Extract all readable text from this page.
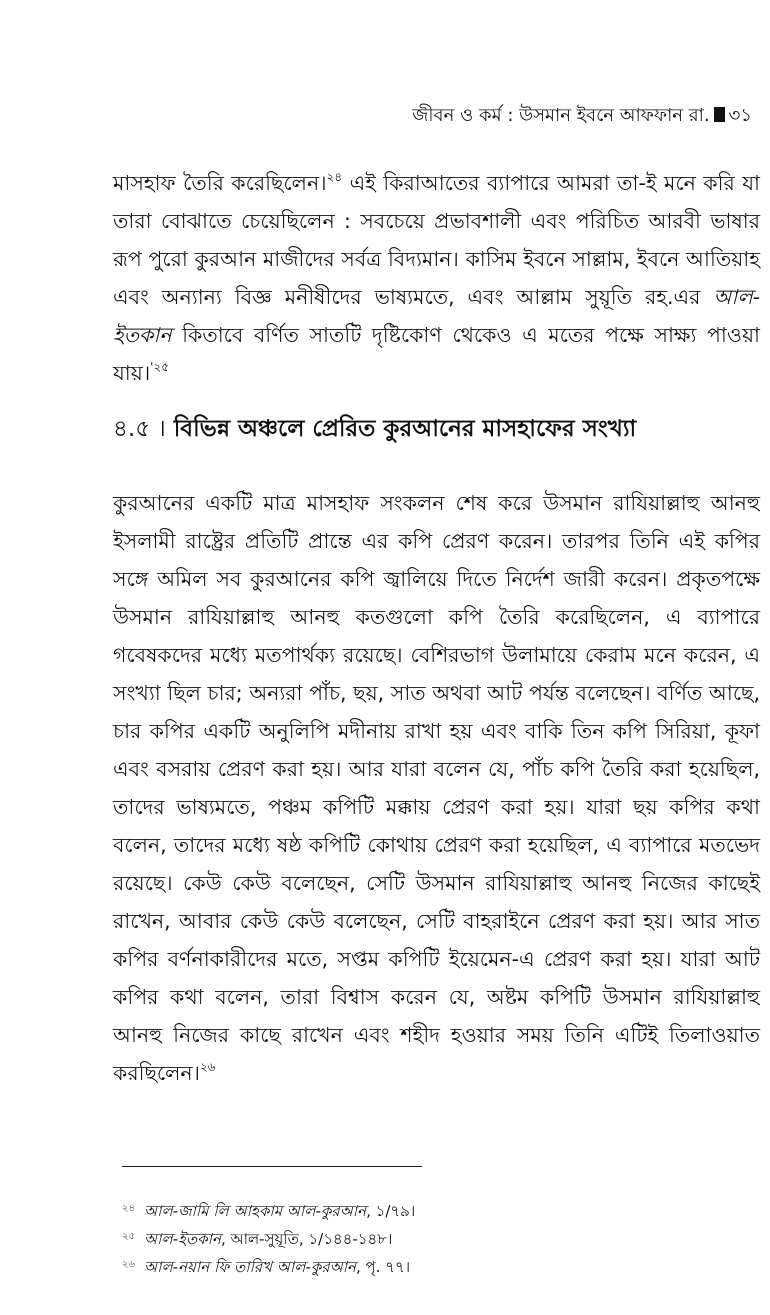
জীবন ও কর্ম : উসমান ইবনে আফফান রা. ৩১

মাসহাফ তৈরি করেছিলেন।$^{২৪}$ এই কিরাআতের ব্যাপারে আমরা তা-ই মনে করি যা তারা বোঝাতে চেয়েছিলেন : সবচেয়ে প্রভাবশালী এবং পরিচিত আরবী ভাষার রূপ পুরো কুরআন মাজীদের সর্বত্র বিদ্যমান। কাসিম ইবনে সাল্লাম, ইবনে আতিয়াহ এবং অন্যান্য বিজ্ঞ মনীষীদের ভাষ্যমতে, এবং আল্লাম সুয়ূতি রহ.এর আল-ইতকান কিতাবে বর্ণিত সাতটি দৃষ্টিকোণ থেকেও এ মতের পক্ষে সাক্ষ্য পাওয়া যায়।$^{'২৫}$

৪.৫ । বিভিন্ন অঞ্চলে প্রেরিত কুরআনের মাসহাফের সংখ্যা

কুরআনের একটি মাত্র মাসহাফ সংকলন শেষ করে উসমান রাযিয়াল্লাহু আনহু ইসলামী রাষ্ট্রের প্রতিটি প্রান্তে এর কপি প্রেরণ করেন। তারপর তিনি এই কপির সঙ্গে অমিল সব কুরআনের কপি জ্বালিয়ে দিতে নির্দেশ জারী করেন। প্রকৃতপক্ষে উসমান রাযিয়াল্লাহু আনহু কতগুলো কপি তৈরি করেছিলেন, এ ব্যাপারে গবেষকদের মধ্যে মতপার্থক্য রয়েছে। বেশিরভাগ উলামায়ে কেরাম মনে করেন, এ সংখ্যা ছিল চার; অন্যরা পাঁচ, ছয়, সাত অথবা আট পর্যন্ত বলেছেন। বর্ণিত আছে, চার কপির একটি অনুলিপি মদীনায় রাখা হয় এবং বাকি তিন কপি সিরিয়া, কূফা এবং বসরায় প্রেরণ করা হয়। আর যারা বলেন যে, পাঁচ কপি তৈরি করা হয়েছিল, তাদের ভাষ্যমতে, পঞ্চম কপিটি মক্কায় প্রেরণ করা হয়। যারা ছয় কপির কথা বলেন, তাদের মধ্যে ষষ্ঠ কপিটি কোথায় প্রেরণ করা হয়েছিল, এ ব্যাপারে মতভেদ রয়েছে। কেউ কেউ বলেছেন, সেটি উসমান রাযিয়াল্লাহু আনহু নিজের কাছেই রাখেন, আবার কেউ কেউ বলেছেন, সেটি বাহরাইনে প্রেরণ করা হয়। আর সাত কপির বর্ণনাকারীদের মতে, সপ্তম কপিটি ইয়েমেন-এ প্রেরণ করা হয়। যারা আট কপির কথা বলেন, তারা বিশ্বাস করেন যে, অষ্টম কপিটি উসমান রাযিয়াল্লাহু আনহু নিজের কাছে রাখেন এবং শহীদ হওয়ার সময় তিনি এটিই তিলাওয়াত করছিলেন।$^{২৬}$

২৪ আল-জামি লি আহকাম আল-কুরআন, ১/৭৯।
২৫ আল-ইতকান, আল-সুয়ূতি, ১/১৪৪-১৪৮।
২৬ আল-নয়ান ফি তারিখ আল-কুরআন, পৃ. ৭৭।
